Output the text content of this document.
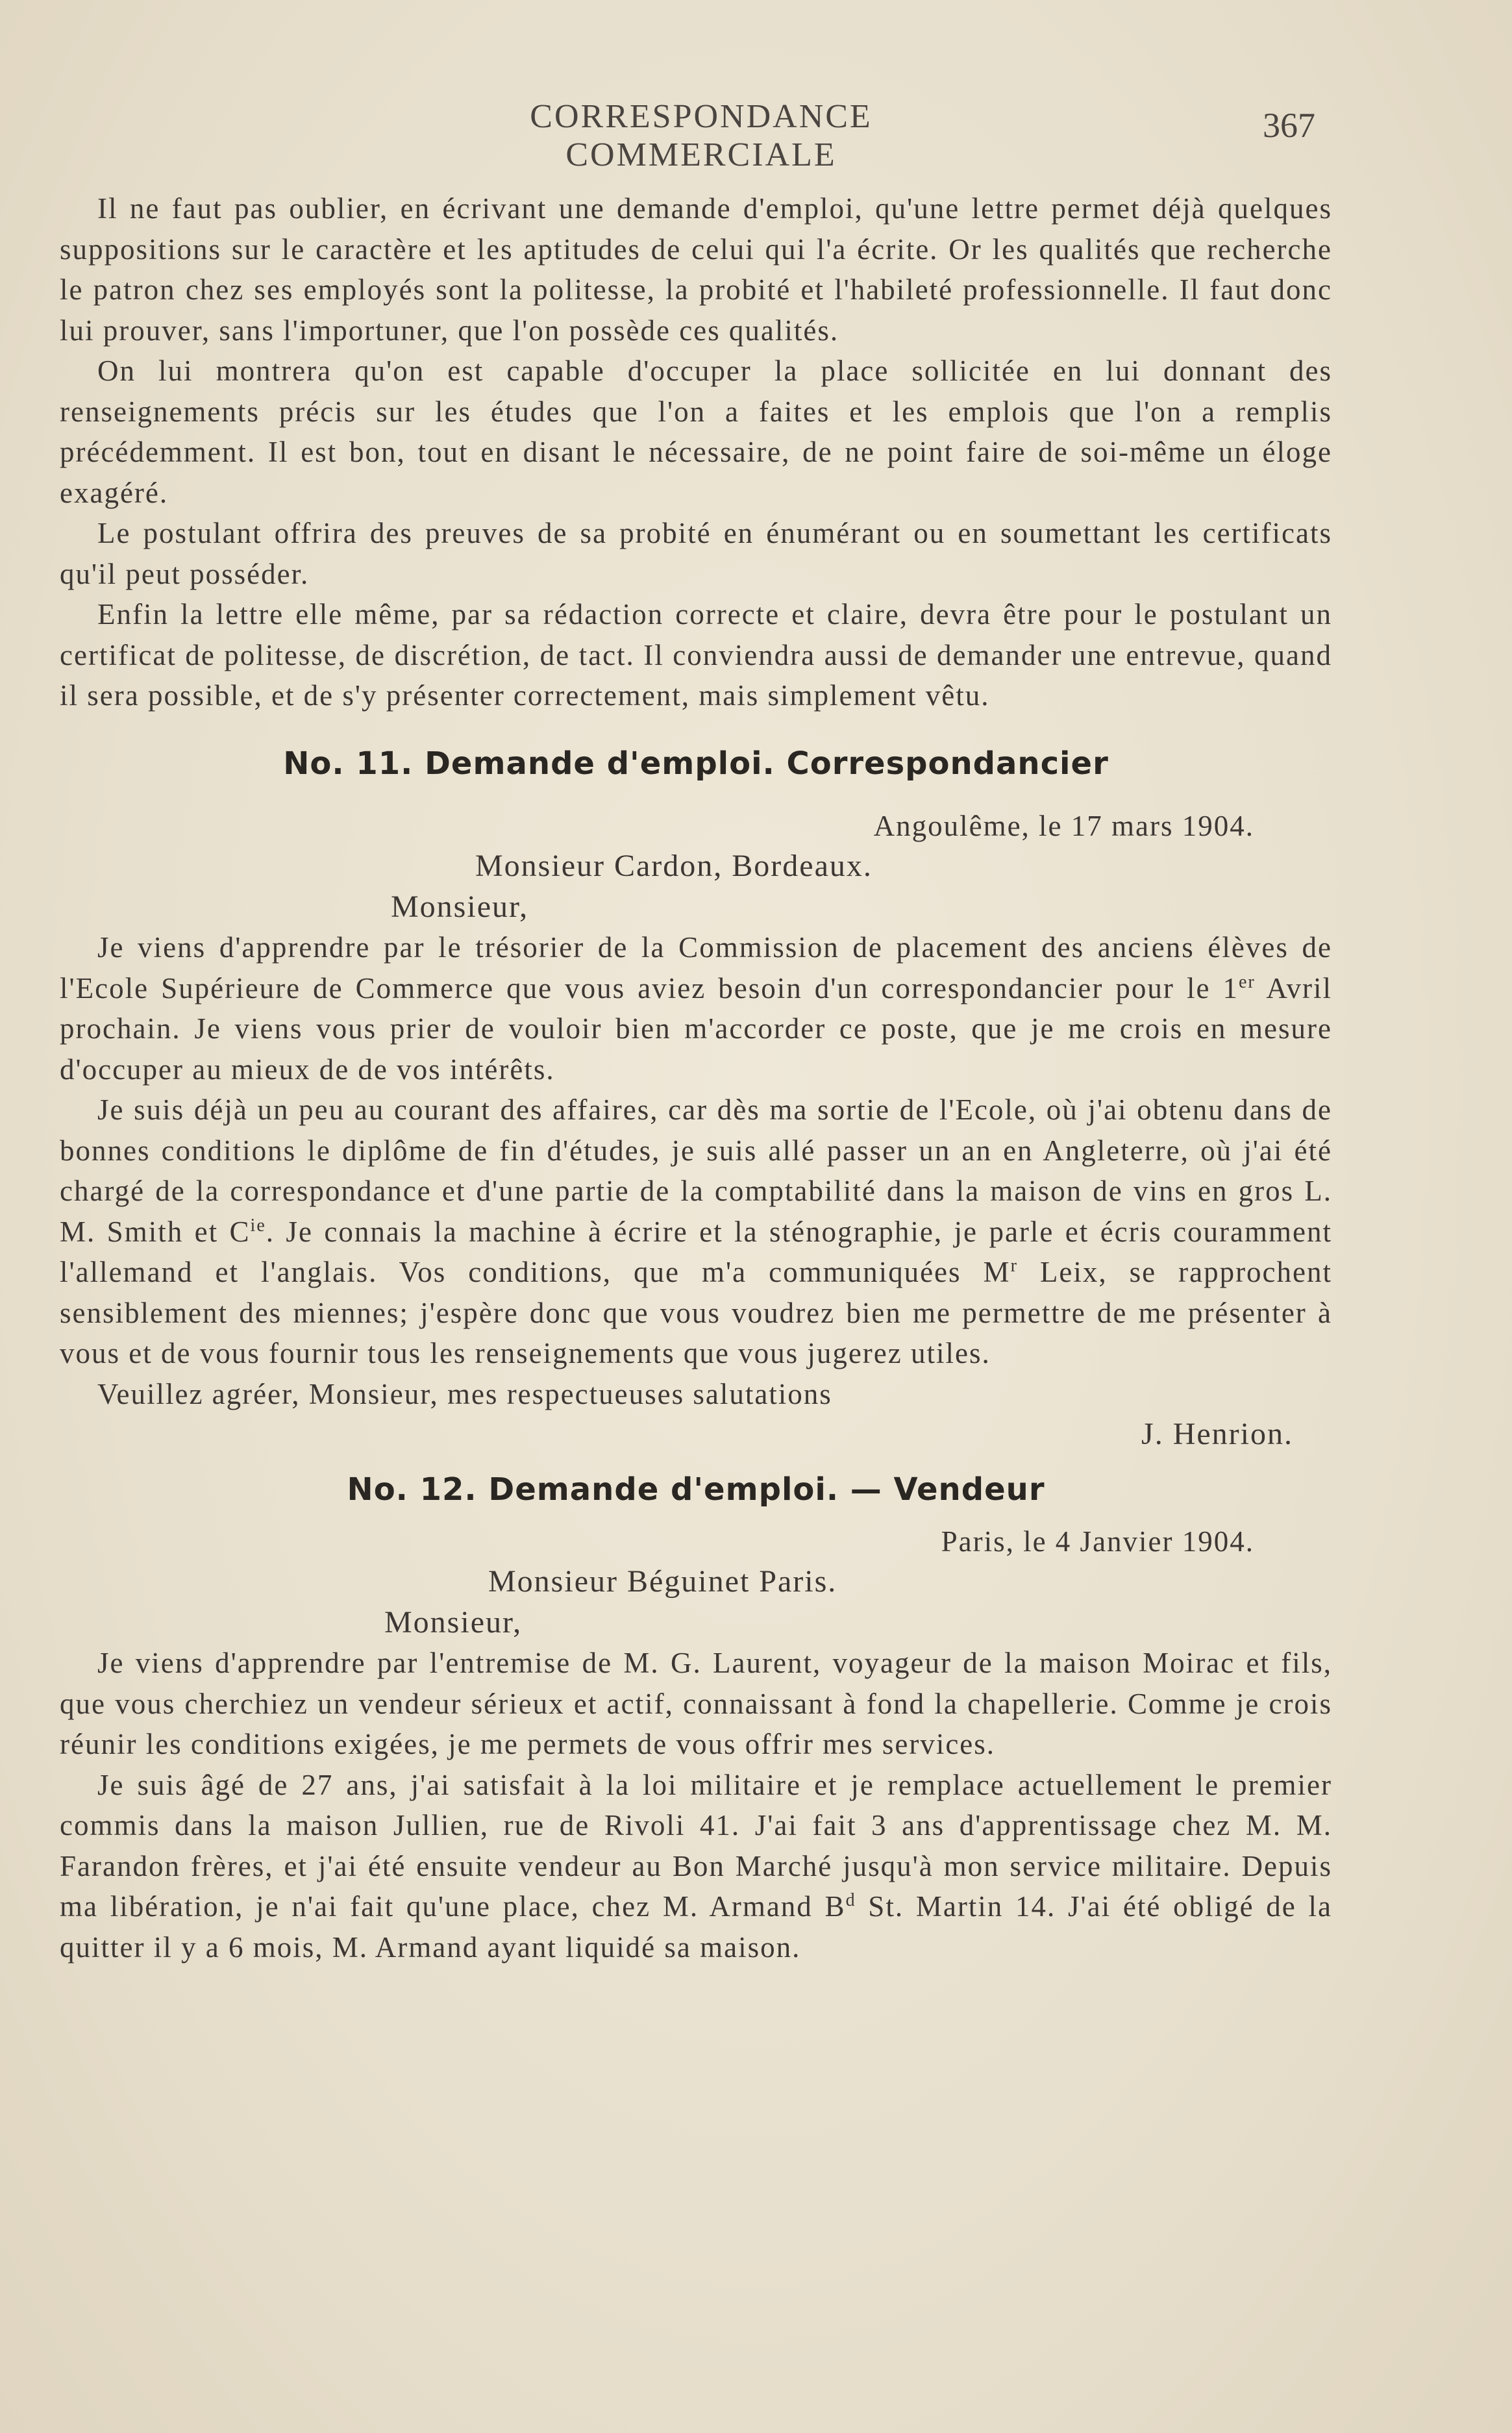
CORRESPONDANCE COMMERCIALE
367

Il ne faut pas oublier, en écrivant une demande d'emploi, qu'une lettre permet déjà quelques suppositions sur le caractère et les aptitudes de celui qui l'a écrite. Or les qualités que recherche le patron chez ses employés sont la politesse, la probité et l'habileté professionnelle. Il faut donc lui prouver, sans l'importuner, que l'on possède ces qualités.

On lui montrera qu'on est capable d'occuper la place sollicitée en lui donnant des renseignements précis sur les études que l'on a faites et les emplois que l'on a remplis précédemment. Il est bon, tout en disant le nécessaire, de ne point faire de soi-même un éloge exagéré.

Le postulant offrira des preuves de sa probité en énumérant ou en soumettant les certificats qu'il peut posséder.

Enfin la lettre elle même, par sa rédaction correcte et claire, devra être pour le postulant un certificat de politesse, de discrétion, de tact. Il conviendra aussi de demander une entrevue, quand il sera possible, et de s'y présenter correctement, mais simplement vêtu.

No. 11. Demande d'emploi. Correspondancier

Angoulême, le 17 mars 1904.

Monsieur Cardon, Bordeaux.

Monsieur,

Je viens d'apprendre par le trésorier de la Commission de placement des anciens élèves de l'Ecole Supérieure de Commerce que vous aviez besoin d'un correspondancier pour le 1er Avril prochain. Je viens vous prier de vouloir bien m'accorder ce poste, que je me crois en mesure d'occuper au mieux de de vos intérêts.

Je suis déjà un peu au courant des affaires, car dès ma sortie de l'Ecole, où j'ai obtenu dans de bonnes conditions le diplôme de fin d'études, je suis allé passer un an en Angleterre, où j'ai été chargé de la correspondance et d'une partie de la comptabilité dans la maison de vins en gros L. M. Smith et $C^{ie}$. Je connais la machine à écrire et la sténographie, je parle et écris couramment l'allemand et l'anglais. Vos conditions, que m'a communiquées $M^r$ Leix, se rapprochent sensiblement des miennes; j'espère donc que vous voudrez bien me permettre de me présenter à vous et de vous fournir tous les renseignements que vous jugerez utiles.

Veuillez agréer, Monsieur, mes respectueuses salutations

J. Henrion.

No. 12. Demande d'emploi. — Vendeur

Paris, le 4 Janvier 1904.

Monsieur Béguinet Paris.

Monsieur,

Je viens d'apprendre par l'entremise de M. G. Laurent, voyageur de la maison Moirac et fils, que vous cherchiez un vendeur sérieux et actif, connaissant à fond la chapellerie. Comme je crois réunir les conditions exigées, je me permets de vous offrir mes services.

Je suis âgé de 27 ans, j'ai satisfait à la loi militaire et je remplace actuellement le premier commis dans la maison Jullien, rue de Rivoli 41. J'ai fait 3 ans d'apprentissage chez M. M. Farandon frères, et j'ai été ensuite vendeur au Bon Marché jusqu'à mon service militaire. Depuis ma libération, je n'ai fait qu'une place, chez M. Armand $B^d$ St. Martin 14. J'ai été obligé de la quitter il y a 6 mois, M. Armand ayant liquidé sa maison.
